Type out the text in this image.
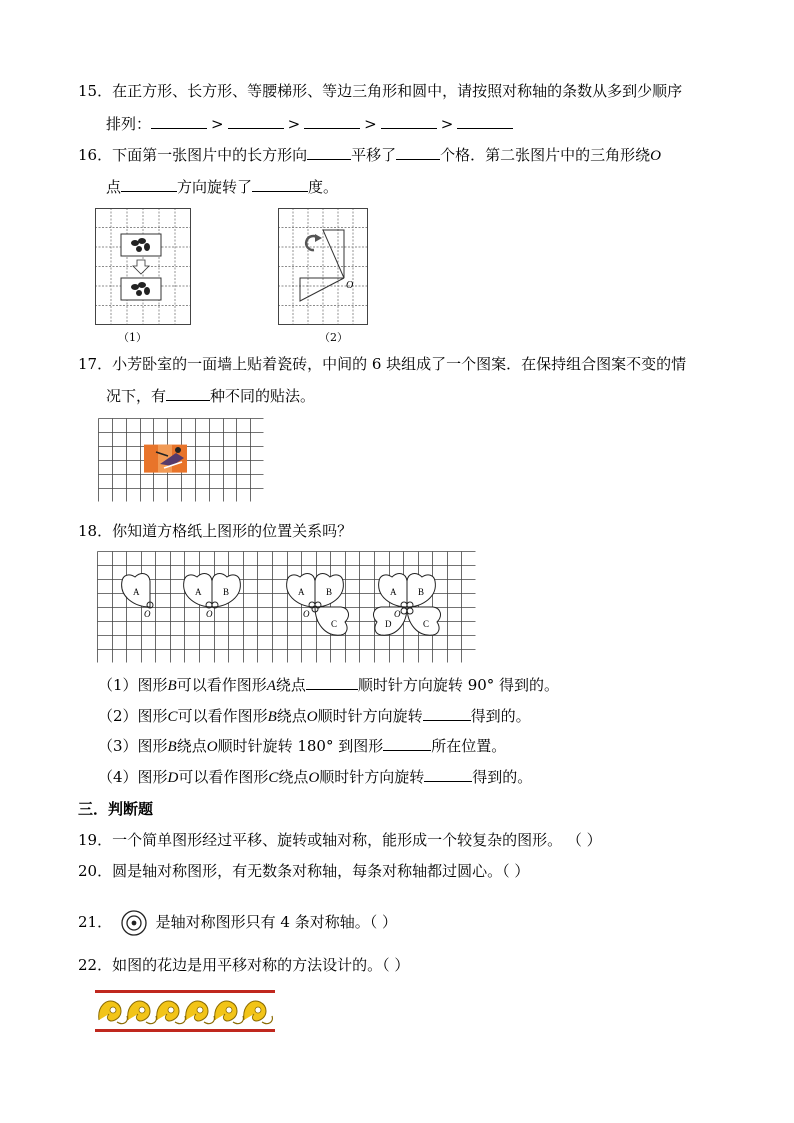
15．在正方形、长方形、等腰梯形、等边三角形和圆中，请按照对称轴的条数从多到少顺序
排列：	>	>	>	>
16．下面第一张图片中的长方形向	平移了	个格．第二张图片中的三角形绕O
点	方向旋转了	度。
（1）
O
（2）
17．小芳卧室的一面墙上贴着瓷砖，中间的 6 块组成了一个图案．在保持组合图案不变的情
况下，有	种不同的贴法。
18．你知道方格纸上图形的位置关系吗？
A
O
A B
O
A B
C
O
A B
C
D
O
（1）图形B可以看作图形A绕点	顺时针方向旋转 90° 得到的。
（2）图形C可以看作图形B绕点O顺时针方向旋转	得到的。
（3）图形B绕点O顺时针旋转 180° 到图形	所在位置。
（4）图形D可以看作图形C绕点O顺时针方向旋转	得到的。
三．判断题
19．一个简单图形经过平移、旋转或轴对称，能形成一个较复杂的图形。 （ ）
20．圆是轴对称图形，有无数条对称轴，每条对称轴都过圆心。（ ）
21．	是轴对称图形只有 4 条对称轴。（ ）
22．如图的花边是用平移对称的方法设计的。（ ）
